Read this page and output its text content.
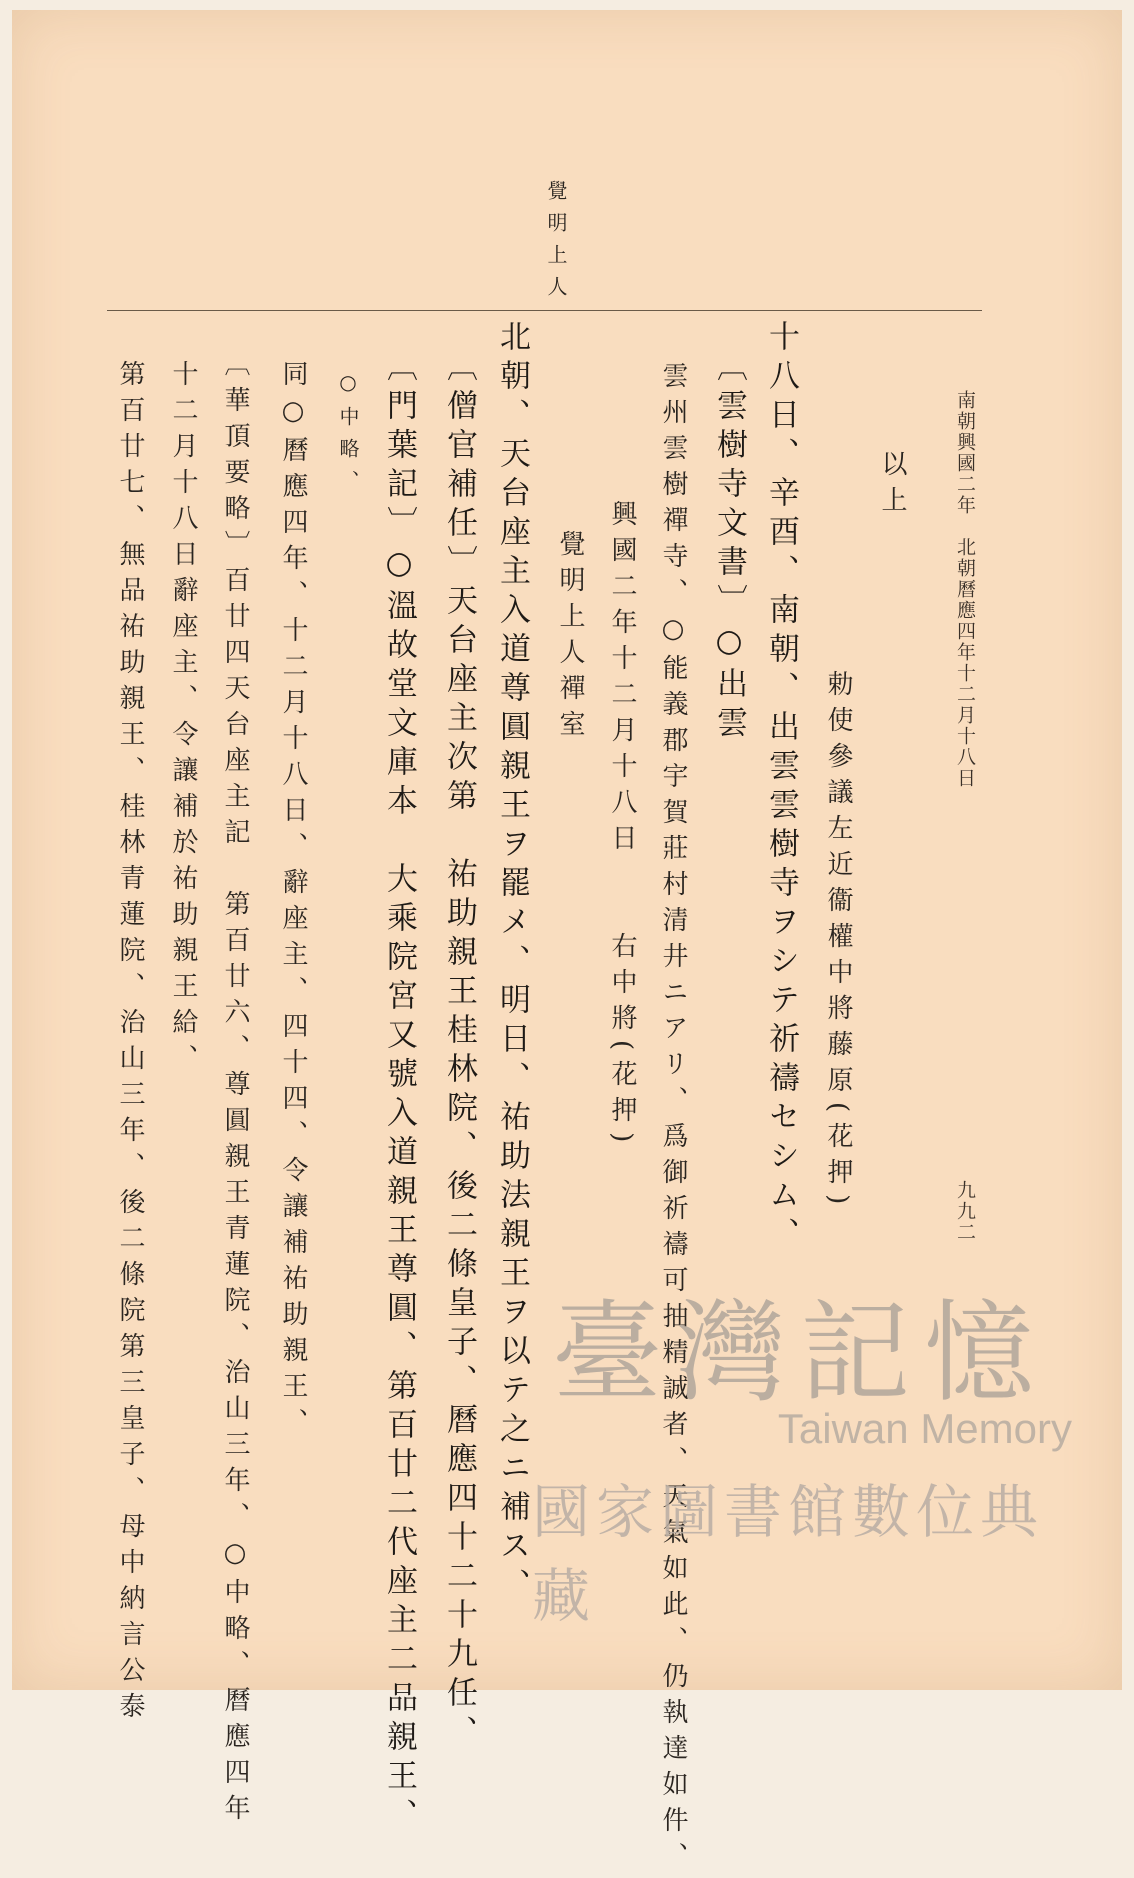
南朝興國二年　北朝曆應四年十二月十八日
九九二
以上
勅使參議左近衞權中將藤原(花押)
覺明上人
十八日、辛酉、南朝、出雲雲樹寺ヲシテ祈禱セシム、
〔雲樹寺文書〕○出雲
雲州雲樹禪寺、○能義郡宇賀莊村清井ニアリ、爲御祈禱可抽精誠者、天氣如此、仍執達如件、
興國二年十二月十八日　　右中將(花押)
覺明上人禪室
北朝、天台座主入道尊圓親王ヲ罷メ、明日、祐助法親王ヲ以テ之ニ補ス、
〔僧官補任〕天台座主次第　祐助親王桂林院、後二條皇子、曆應四十二十九任、
〔門葉記〕○溫故堂文庫本　大乘院宮又號入道親王尊圓、第百廿二代座主二品親王、
○中略、
同○曆應四年、十二月十八日、辭座主、四十四、令讓補祐助親王、
〔華頂要略〕百廿四天台座主記　第百廿六、尊圓親王青蓮院、治山三年、○中略、曆應四年
十二月十八日辭座主、令讓補於祐助親王給、
第百廿七、無品祐助親王、桂林青蓮院、治山三年、後二條院第三皇子、母中納言公泰	臺灣記憶
Taiwan Memory
國家圖書館數位典藏
